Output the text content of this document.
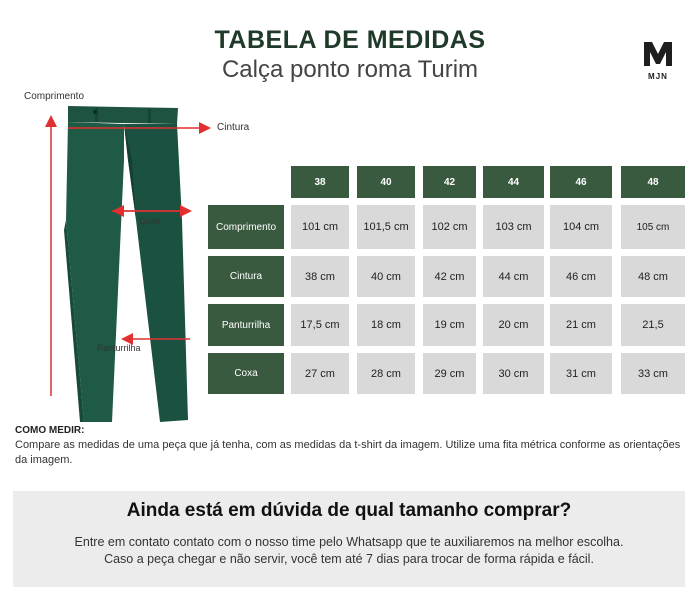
TABELA DE MEDIDAS
Calça ponto roma Turim	MJN
Comprimento
Cintura
Coxa
Panturrilha
38	40	42	44	46	48
Comprimento	101 cm	101,5 cm	102 cm	103 cm	104 cm	105 cm
Cintura	38 cm	40 cm	42 cm	44 cm	46 cm	48 cm
Panturrilha	17,5 cm	18 cm	19 cm	20 cm	21 cm	21,5
Coxa	27 cm	28 cm	29 cm	30 cm	31 cm	33 cm
COMO MEDIR:
Compare as medidas de uma peça que já tenha, com as medidas da t-shirt da imagem. Utilize uma fita métrica conforme as orientações da imagem.
Ainda está em dúvida de qual tamanho comprar?
Entre em contato contato com o nosso time pelo Whatsapp que te auxiliaremos na melhor escolha.
Caso a peça chegar e não servir, você tem até 7 dias para trocar de forma rápida e fácil.
